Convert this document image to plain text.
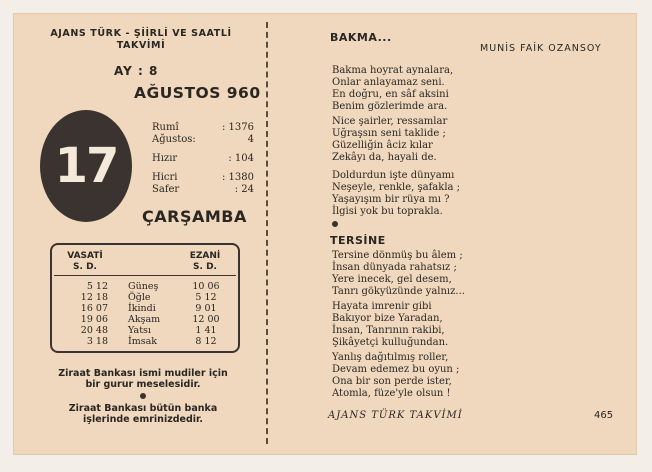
AJANS TÜRK - ŞİİRLİ VE SAATLİ
TAKVİMİ
AY : 8
AĞUSTOS 960
17
Rumî	: 1376
Ağustos:	4
Hızır	: 104
Hicri	: 1380
Safer	: 24
ÇARŞAMBA
VASATİ
S. D.
EZANİ
S. D.
5 12 Güneş	10 06
12 18 Öğle	5 12
16 07 İkindi	9 01
19 06 Akşam	12 00
20 48 Yatsı	1 41
3 18 İmsak	8 12
Ziraat Bankası ismi mudiler için
bir gurur meselesidir.
Ziraat Bankası bütün banka
işlerinde emrinizdedir.
BAKMA...
MUNİS FAİK OZANSOY
Bakma hoyrat aynalara,
Onlar anlayamaz seni.
En doğru, en sâf aksini
Benim gözlerimde ara.
Nice şairler, ressamlar
Uğraşsın seni taklide ;
Güzelliğin âciz kılar
Zekâyı da, hayali de.
Doldurdun işte dünyamı
Neşeyle, renkle, şafakla ;
Yaşayışım bir rüya mı ?
İlgisi yok bu toprakla.
TERSİNE
Tersine dönmüş bu âlem ;
İnsan dünyada rahatsız ;
Yere inecek, gel desem,
Tanrı gökyüzünde yalnız...
Hayata imrenir gibi
Bakıyor bize Yaradan,
İnsan, Tanrının rakibi,
Şikâyetçi kulluğundan.
Yanlış dağıtılmış roller,
Devam edemez bu oyun ;
Ona bir son perde ister,
Atomla, füze'yle olsun !
AJANS TÜRK TAKVİMİ	465
